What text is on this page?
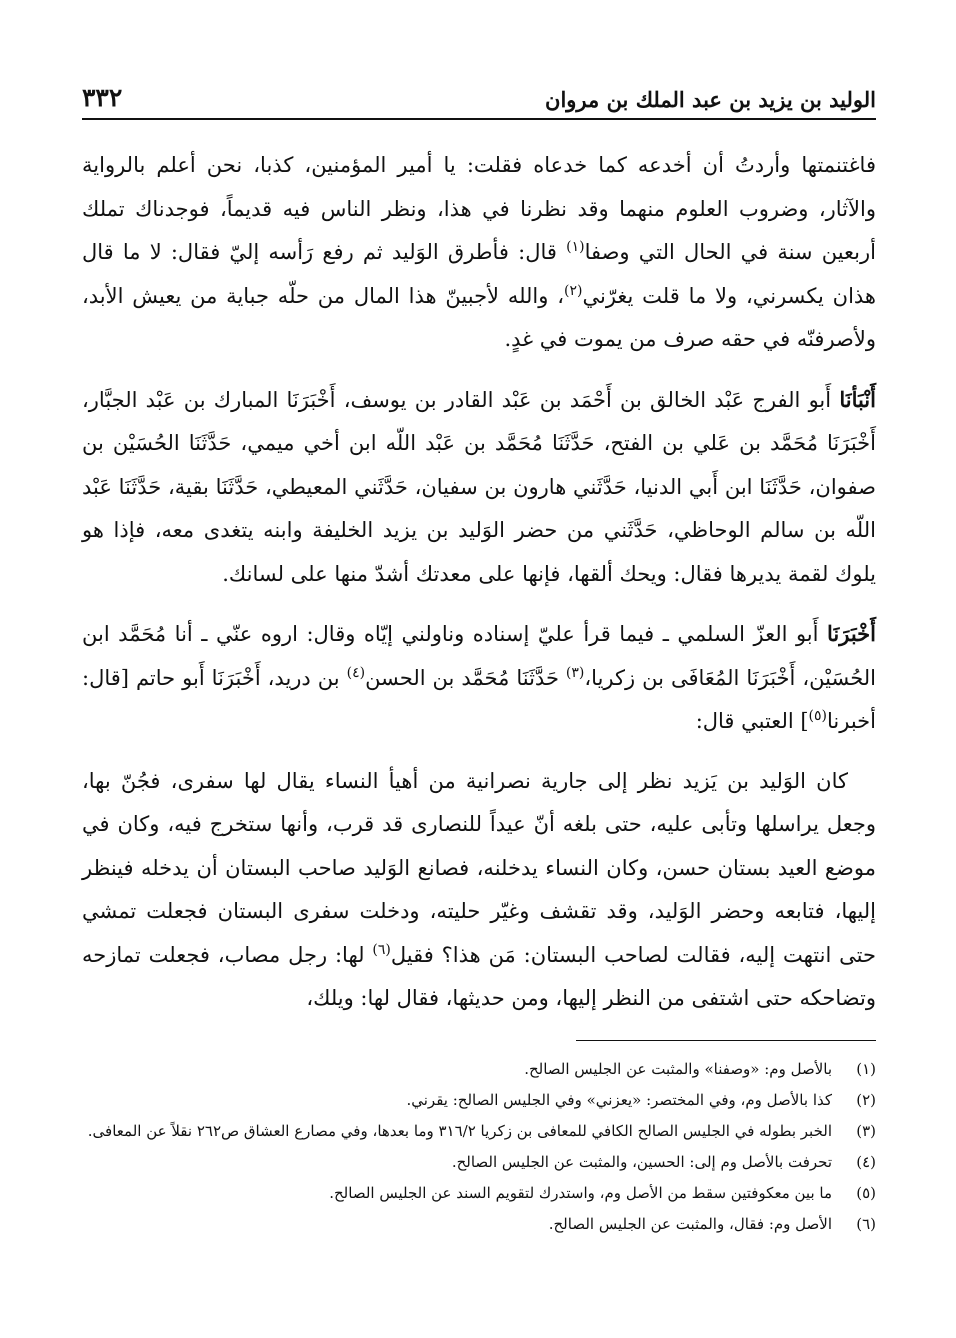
الوليد بن يزيد بن عبد الملك بن مروان
٣٣٢

فاغتنمتها وأردتُ أن أخدعه كما خدعاه فقلت: يا أمير المؤمنين، كذبا، نحن أعلم بالرواية والآثار، وضروب العلوم منهما وقد نظرنا في هذا، ونظر الناس فيه قديماً، فوجدناك تملك أربعين سنة في الحال التي وصفا$^{(١)}$ قال: فأطرق الوَليد ثم رفع رَأسه إليّ فقال: لا ما قال هذان يكسرني، ولا ما قلت يغرّني$^{(٢)}$، والله لأجبينّ هذا المال من حلّه جباية من يعيش الأبد، ولأصرفنّه في حقه صرف من يموت في غدٍ.

أَنْبَأنَا أَبو الفرج عَبْد الخالق بن أَحْمَد بن عَبْد القادر بن يوسف، أَخْبَرَنَا المبارك بن عَبْد الجبَّار، أَخْبَرَنَا مُحَمَّد بن عَلي بن الفتح، حَدَّثَنَا مُحَمَّد بن عَبْد اللّه ابن أخي ميمي، حَدَّثَنَا الحُسَيْن بن صفوان، حَدَّثَنَا ابن أَبي الدنيا، حَدَّثَني هارون بن سفيان، حَدَّثَني المعيطي، حَدَّثَنَا بقية، حَدَّثَنَا عَبْد اللّه بن سالم الوحاظي، حَدَّثَني من حضر الوَليد بن يزيد الخليفة وابنه يتغدى معه، فإذا هو يلوك لقمة يديرها فقال: ويحك ألقها، فإنها على معدتك أشدّ منها على لسانك.

أَخْبَرَنَا أَبو العزّ السلمي ـ فيما قرأ عليّ إسناده وناولني إيّاه وقال: اروه عنّي ـ أنا مُحَمَّد ابن الحُسَيْن، أَخْبَرَنَا المُعَافَى بن زكريا،$^{(٣)}$ حَدَّثَنَا مُحَمَّد بن الحسن$^{(٤)}$ بن دريد، أَخْبَرَنَا أَبو حاتم [قال: أخبرنا$^{(٥)}$] العتبي قال:

كان الوَليد بن يَزيد نظر إلى جارية نصرانية من أهيأ النساء يقال لها سفرى، فجُنّ بها، وجعل يراسلها وتأبى عليه، حتى بلغه أنّ عيداً للنصارى قد قرب، وأنها ستخرج فيه، وكان في موضع العيد بستان حسن، وكان النساء يدخلنه، فصانع الوَليد صاحب البستان أن يدخله فينظر إليها، فتابعه وحضر الوَليد، وقد تقشف وغيّر حليته، ودخلت سفرى البستان فجعلت تمشي حتى انتهت إليه، فقالت لصاحب البستان: مَن هذا؟ فقيل$^{(٦)}$ لها: رجل مصاب، فجعلت تمازحه وتضاحكه حتى اشتفى من النظر إليها، ومن حديثها، فقال لها: ويلك،

(١)
بالأصل وم: «وصفنا» والمثبت عن الجليس الصالح.
(٢)
كذا بالأصل وم، وفي المختصر: «يعزني» وفي الجليس الصالح: يقرني.
(٣)
الخبر بطوله في الجليس الصالح الكافي للمعافى بن زكريا ٣١٦/٢ وما بعدها، وفي مصارع العشاق ص٢٦٢ نقلاً عن المعافى.
(٤)
تحرفت بالأصل وم إلى: الحسين، والمثبت عن الجليس الصالح.
(٥)
ما بين معكوفتين سقط من الأصل وم، واستدرك لتقويم السند عن الجليس الصالح.
(٦)
الأصل وم: فقال، والمثبت عن الجليس الصالح.
